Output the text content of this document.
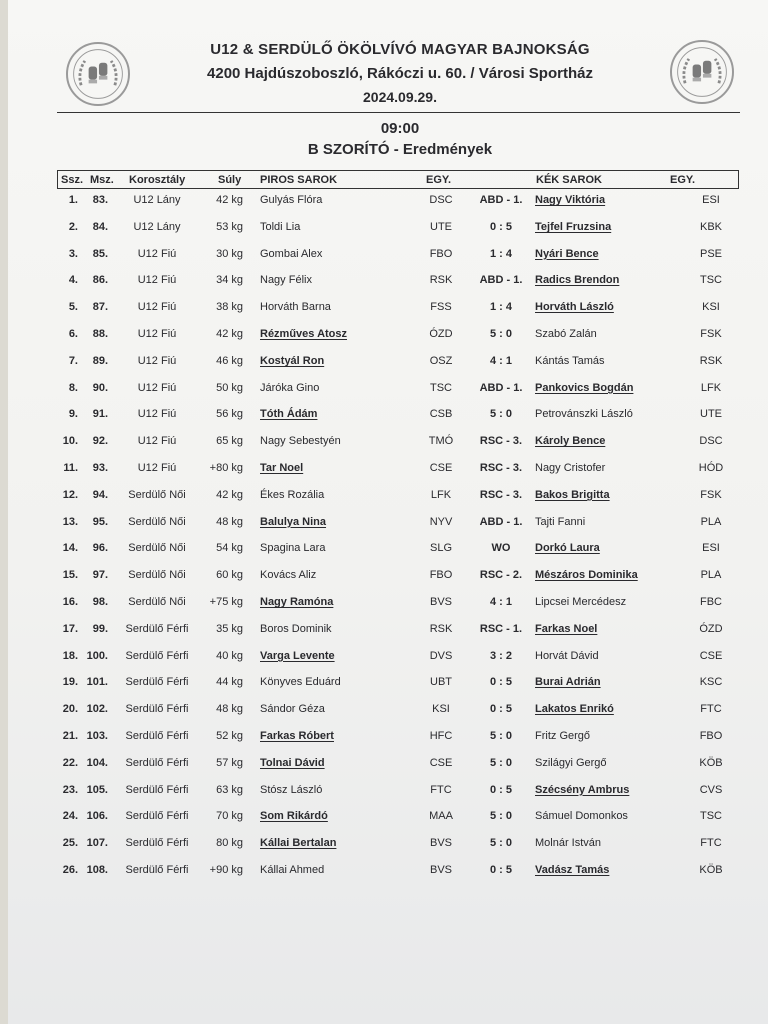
U12 & SERDÜLŐ ÖKÖLVÍVÓ MAGYAR BAJNOKSÁG
4200 Hajdúszoboszló, Rákóczi u. 60. / Városi Sportház
2024.09.29.
09:00
B SZORÍTÓ - Eredmények
Ssz. Msz. Korosztály	Súly PIROS SAROK	EGY.	KÉK SAROK	EGY.
1.	83.	U12 Lány	42 kg Gulyás Flóra	DSC	ABD - 1.	Nagy Viktória	ESI
2.	84.	U12 Lány	53 kg Toldi Lia	UTE	0 : 5	Tejfel Fruzsina	KBK
3.	85.	U12 Fiú	30 kg Gombai Alex	FBO	1 : 4	Nyári Bence	PSE
4.	86.	U12 Fiú	34 kg Nagy Félix	RSK	ABD - 1.	Radics Brendon	TSC
5.	87.	U12 Fiú	38 kg Horváth Barna	FSS	1 : 4	Horváth László	KSI
6.	88.	U12 Fiú	42 kg Rézműves Atosz	ÓZD	5 : 0	Szabó Zalán	FSK
7.	89.	U12 Fiú	46 kg Kostyál Ron	OSZ	4 : 1	Kántás Tamás	RSK
8.	90.	U12 Fiú	50 kg Járóka Gino	TSC	ABD - 1.	Pankovics Bogdán	LFK
9.	91.	U12 Fiú	56 kg Tóth Ádám	CSB	5 : 0	Petrovánszki László	UTE
10.	92.	U12 Fiú	65 kg Nagy Sebestyén	TMÓ	RSC - 3.	Károly Bence	DSC
11.	93.	U12 Fiú	+80 kg Tar Noel	CSE	RSC - 3.	Nagy Cristofer	HÓD
12.	94.	Serdülő Női	42 kg Ékes Rozália	LFK	RSC - 3.	Bakos Brigitta	FSK
13.	95.	Serdülő Női	48 kg Balulya Nina	NYV	ABD - 1.	Tajti Fanni	PLA
14.	96.	Serdülő Női	54 kg Spagina Lara	SLG	WO	Dorkó Laura	ESI
15.	97.	Serdülő Női	60 kg Kovács Aliz	FBO	RSC - 2.	Mészáros Dominika	PLA
16.	98.	Serdülő Női	+75 kg Nagy Ramóna	BVS	4 : 1	Lipcsei Mercédesz	FBC
17.	99.	Serdülő Férfi	35 kg Boros Dominik	RSK	RSC - 1.	Farkas Noel	ÓZD
18. 100.	Serdülő Férfi	40 kg Varga Levente	DVS	3 : 2	Horvát Dávid	CSE
19. 101.	Serdülő Férfi	44 kg Könyves Eduárd	UBT	0 : 5	Burai Adrián	KSC
20. 102.	Serdülő Férfi	48 kg Sándor Géza	KSI	0 : 5	Lakatos Enrikó	FTC
21. 103.	Serdülő Férfi	52 kg Farkas Róbert	HFC	5 : 0	Fritz Gergő	FBO
22. 104.	Serdülő Férfi	57 kg Tolnai Dávid	CSE	5 : 0	Szilágyi Gergő	KÖB
23. 105.	Serdülő Férfi	63 kg Stósz László	FTC	0 : 5	Szécsény Ambrus	CVS
24. 106.	Serdülő Férfi	70 kg Som Rikárdó	MAA	5 : 0	Sámuel Domonkos	TSC
25. 107.	Serdülő Férfi	80 kg Kállai Bertalan	BVS	5 : 0	Molnár István	FTC
26. 108.	Serdülő Férfi	+90 kg Kállai Ahmed	BVS	0 : 5	Vadász Tamás	KÖB
